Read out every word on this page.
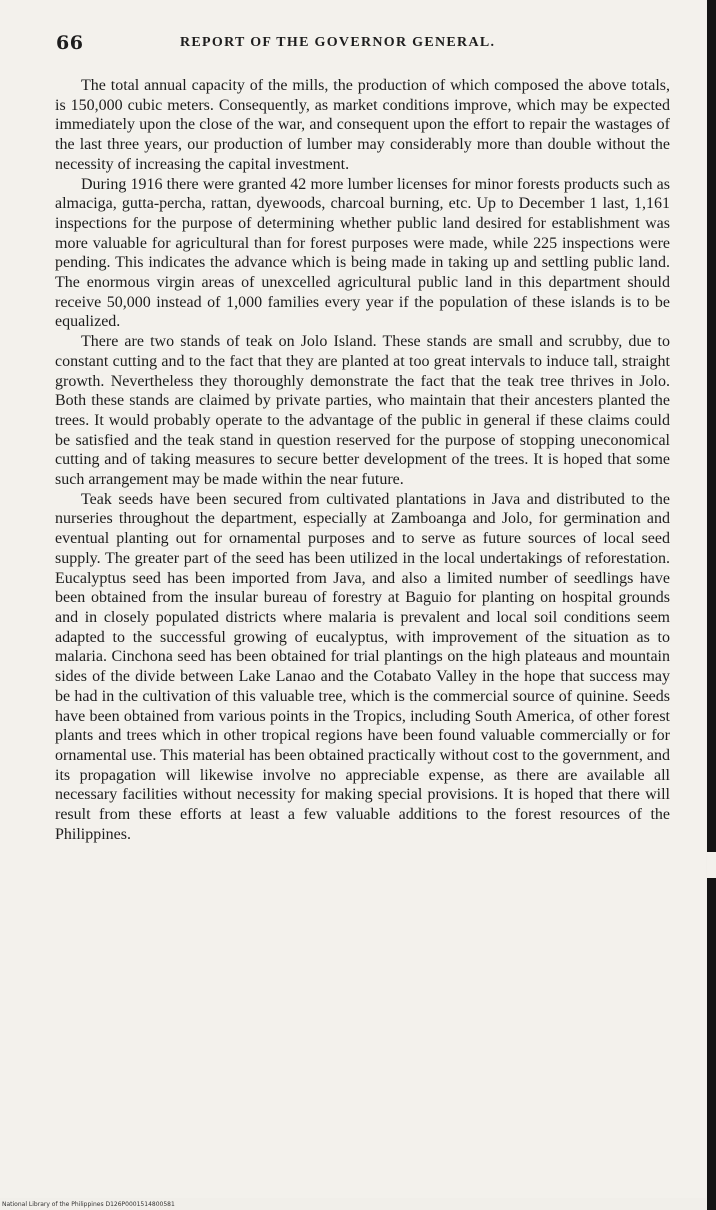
66	REPORT OF THE GOVERNOR GENERAL.

The total annual capacity of the mills, the production of which composed the above totals, is 150,000 cubic meters. Consequently, as market conditions improve, which may be expected immediately upon the close of the war, and consequent upon the effort to repair the wastages of the last three years, our production of lumber may considerably more than double without the necessity of increasing the capital investment.

During 1916 there were granted 42 more lumber licenses for minor forests products such as almaciga, gutta-percha, rattan, dyewoods, charcoal burning, etc. Up to December 1 last, 1,161 inspections for the purpose of determining whether public land desired for establishment was more valuable for agricultural than for forest purposes were made, while 225 inspections were pending. This indicates the advance which is being made in taking up and settling public land. The enormous virgin areas of unexcelled agricultural public land in this department should receive 50,000 instead of 1,000 families every year if the population of these islands is to be equalized.

There are two stands of teak on Jolo Island. These stands are small and scrubby, due to constant cutting and to the fact that they are planted at too great intervals to induce tall, straight growth. Nevertheless they thoroughly demonstrate the fact that the teak tree thrives in Jolo. Both these stands are claimed by private parties, who maintain that their ancesters planted the trees. It would probably operate to the advantage of the public in general if these claims could be satisfied and the teak stand in question reserved for the purpose of stopping uneconomical cutting and of taking measures to secure better development of the trees. It is hoped that some such arrangement may be made within the near future.

Teak seeds have been secured from cultivated plantations in Java and distributed to the nurseries throughout the department, especially at Zamboanga and Jolo, for germination and eventual planting out for ornamental purposes and to serve as future sources of local seed supply. The greater part of the seed has been utilized in the local undertakings of reforestation. Eucalyptus seed has been imported from Java, and also a limited number of seedlings have been obtained from the insular bureau of forestry at Baguio for planting on hospital grounds and in closely populated districts where malaria is prevalent and local soil conditions seem adapted to the successful growing of eucalyptus, with improvement of the situation as to malaria. Cinchona seed has been obtained for trial plantings on the high plateaus and mountain sides of the divide between Lake Lanao and the Cotabato Valley in the hope that success may be had in the cultivation of this valuable tree, which is the commercial source of quinine. Seeds have been obtained from various points in the Tropics, including South America, of other forest plants and trees which in other tropical regions have been found valuable commercially or for ornamental use. This material has been obtained practically without cost to the government, and its propagation will likewise involve no appreciable expense, as there are available all necessary facilities without necessity for making special provisions. It is hoped that there will result from these efforts at least a few valuable additions to the forest resources of the Philippines.

National Library of the Philippines D126P0001514800581
